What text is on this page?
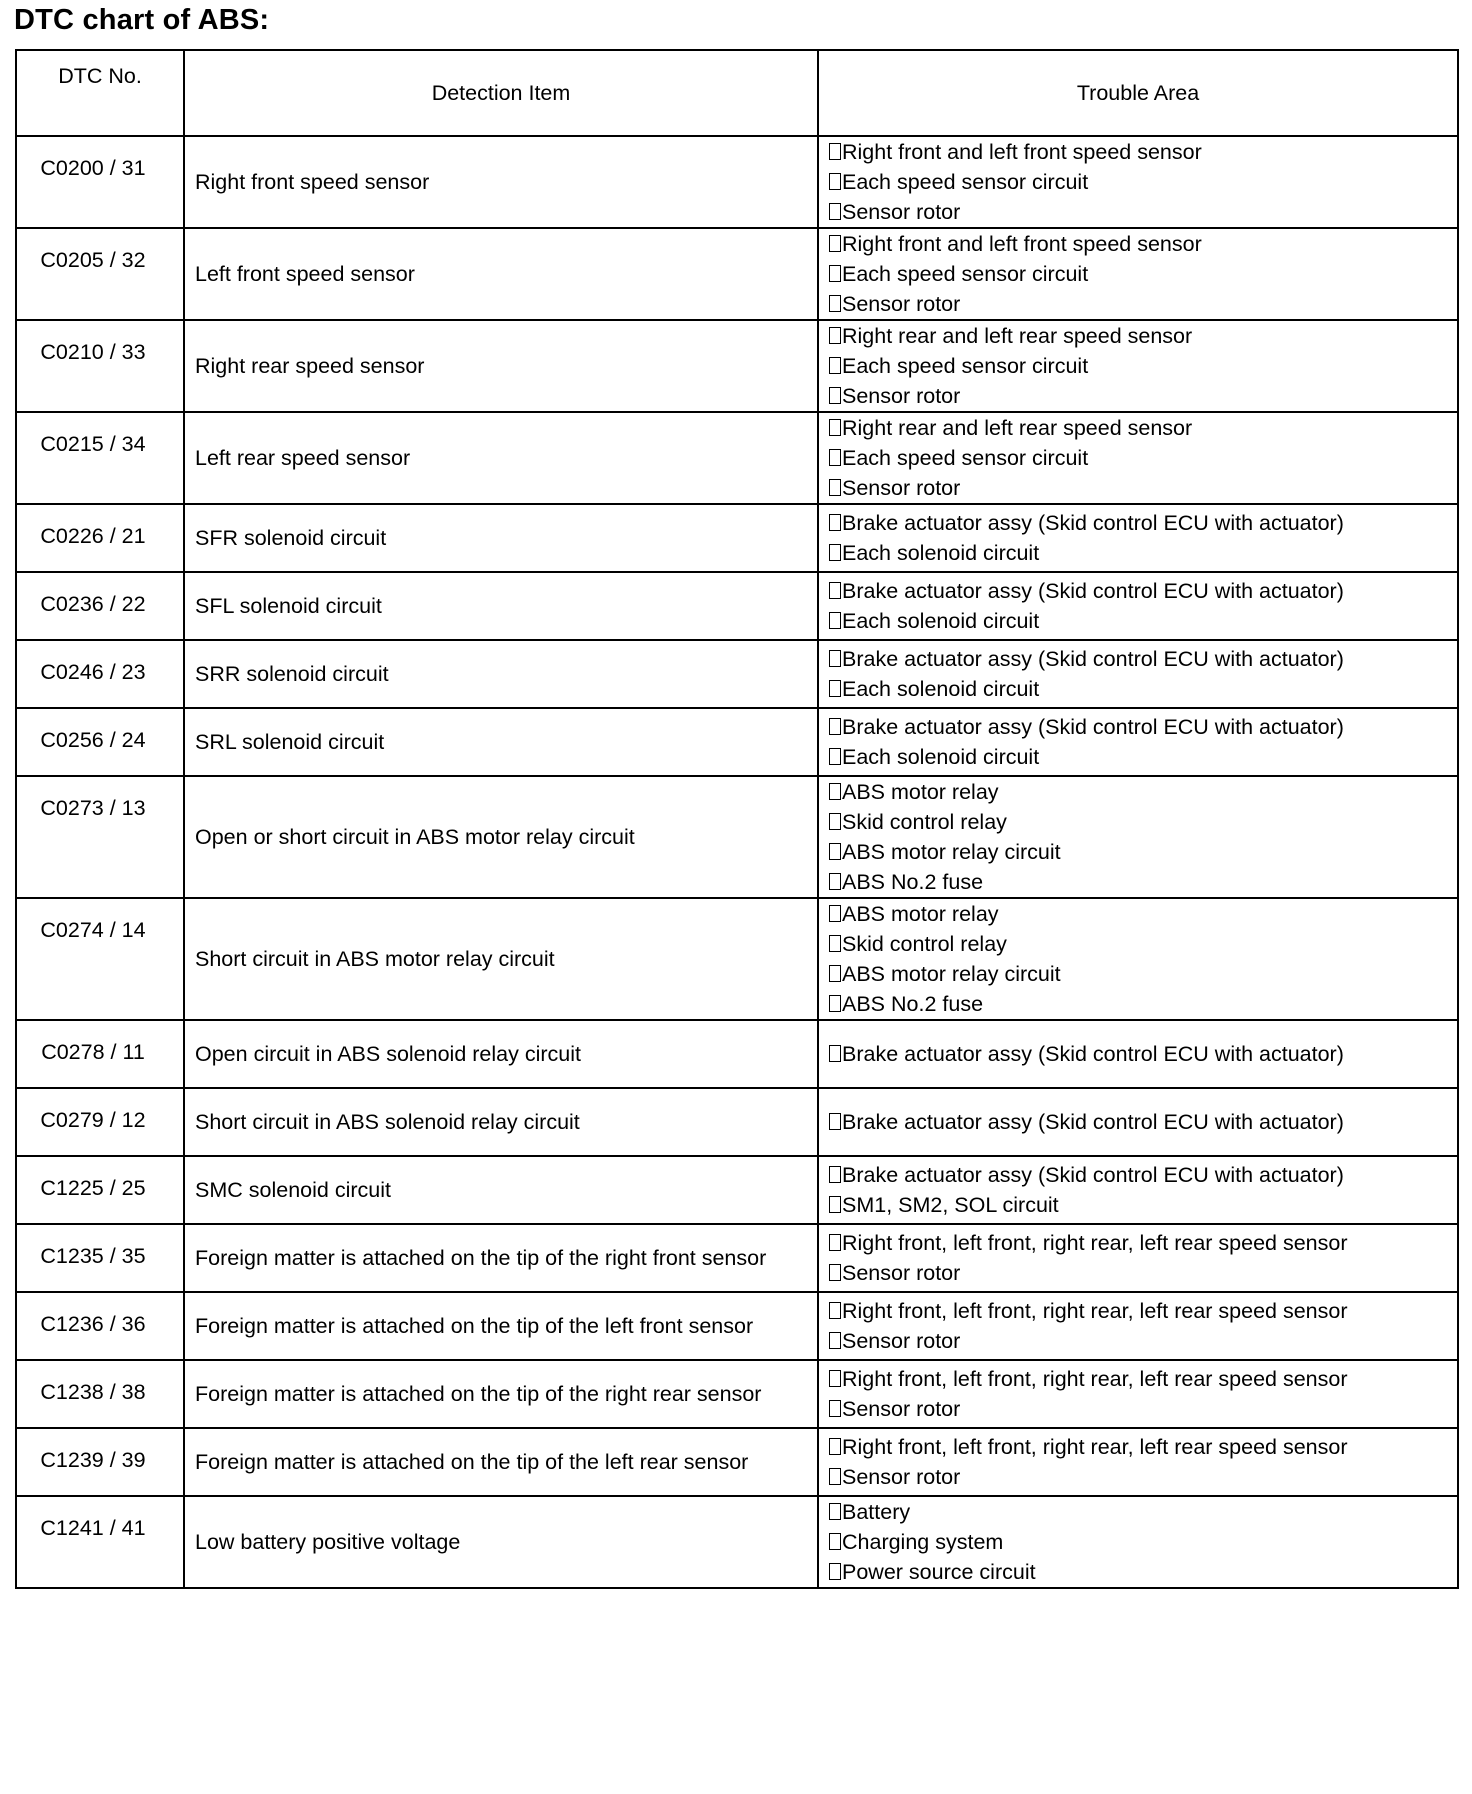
DTC chart of ABS:
DTC No.	Detection Item	Trouble Area
C0200 / 31	Right front speed sensor	Right front and left front speed sensor
Each speed sensor circuit
Sensor rotor

C0205 / 32	Left front speed sensor	Right front and left front speed sensor
Each speed sensor circuit
Sensor rotor

C0210 / 33	Right rear speed sensor	Right rear and left rear speed sensor
Each speed sensor circuit
Sensor rotor

C0215 / 34	Left rear speed sensor	Right rear and left rear speed sensor
Each speed sensor circuit
Sensor rotor

C0226 / 21	SFR solenoid circuit	Brake actuator assy (Skid control ECU with actuator)
Each solenoid circuit

C0236 / 22	SFL solenoid circuit	Brake actuator assy (Skid control ECU with actuator)
Each solenoid circuit

C0246 / 23	SRR solenoid circuit	Brake actuator assy (Skid control ECU with actuator)
Each solenoid circuit

C0256 / 24	SRL solenoid circuit	Brake actuator assy (Skid control ECU with actuator)
Each solenoid circuit

C0273 / 13	Open or short circuit in ABS motor relay circuit	ABS motor relay
Skid control relay
ABS motor relay circuit
ABS No.2 fuse

C0274 / 14	Short circuit in ABS motor relay circuit	ABS motor relay
Skid control relay
ABS motor relay circuit
ABS No.2 fuse

C0278 / 11	Open circuit in ABS solenoid relay circuit	Brake actuator assy (Skid control ECU with actuator)

C0279 / 12	Short circuit in ABS solenoid relay circuit	Brake actuator assy (Skid control ECU with actuator)

C1225 / 25	SMC solenoid circuit	Brake actuator assy (Skid control ECU with actuator)
SM1, SM2, SOL circuit

C1235 / 35	Foreign matter is attached on the tip of the right front sensor	Right front, left front, right rear, left rear speed sensor
Sensor rotor

C1236 / 36	Foreign matter is attached on the tip of the left front sensor	Right front, left front, right rear, left rear speed sensor
Sensor rotor

C1238 / 38	Foreign matter is attached on the tip of the right rear sensor	Right front, left front, right rear, left rear speed sensor
Sensor rotor

C1239 / 39	Foreign matter is attached on the tip of the left rear sensor	Right front, left front, right rear, left rear speed sensor
Sensor rotor

C1241 / 41	Low battery positive voltage	Battery
Charging system
Power source circuit
